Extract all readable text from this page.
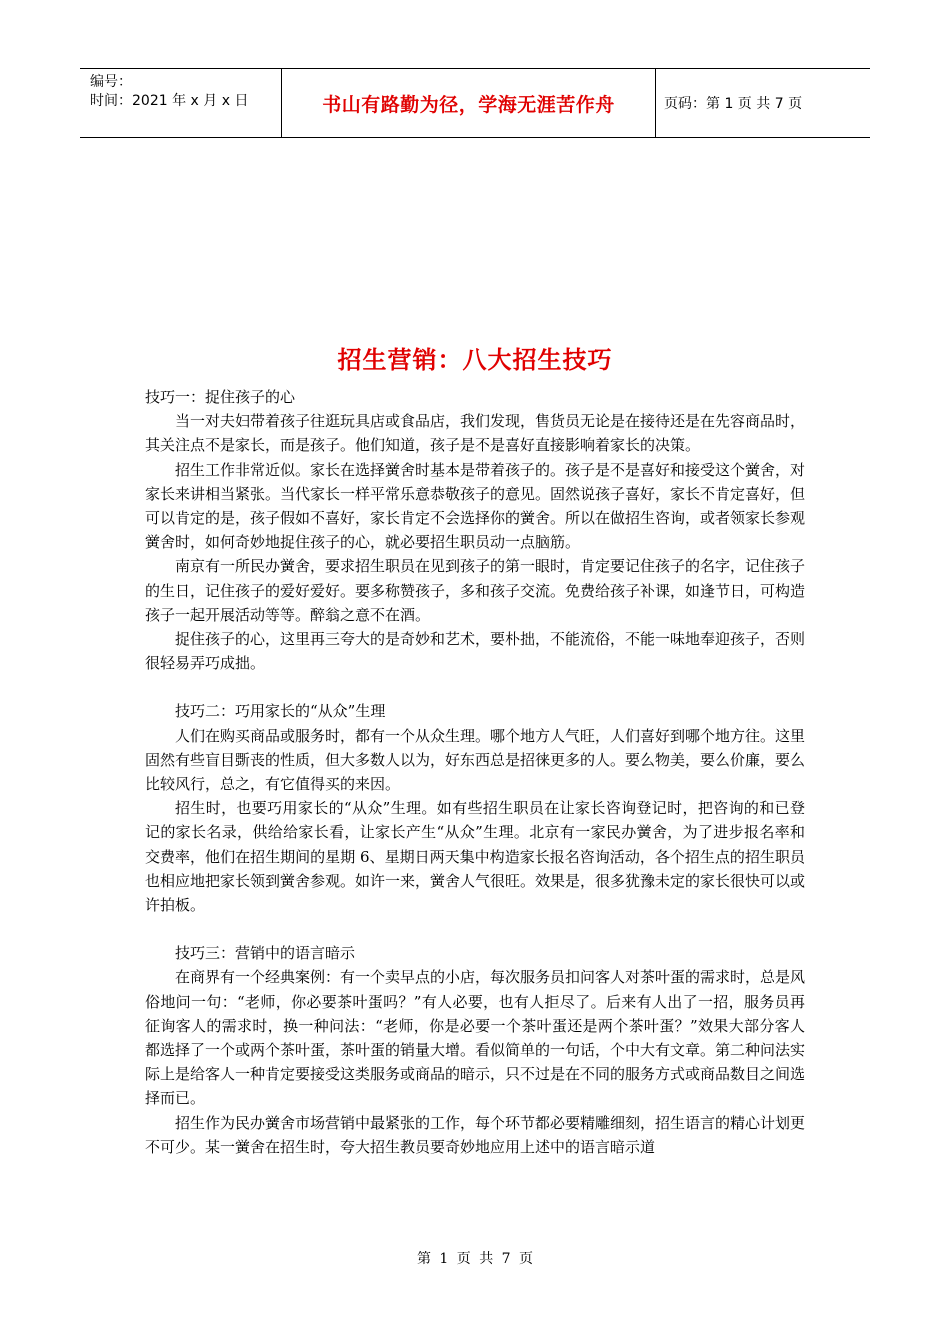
编号：
时间：2021 年 x 月 x 日	书山有路勤为径，学海无涯苦作舟	页码：第 1 页 共 7 页
招生营销：八大招生技巧

技巧一：捉住孩子的心

当一对夫妇带着孩子往逛玩具店或食品店，我们发现，售货员无论是在接待还是在先容商品时，其关注点不是家长，而是孩子。他们知道，孩子是不是喜好直接影响着家长的决策。

招生工作非常近似。家长在选择黉舍时基本是带着孩子的。孩子是不是喜好和接受这个黉舍，对家长来讲相当紧张。当代家长一样平常乐意恭敬孩子的意见。固然说孩子喜好，家长不肯定喜好，但可以肯定的是，孩子假如不喜好，家长肯定不会选择你的黉舍。所以在做招生咨询，或者领家长参观黉舍时，如何奇妙地捉住孩子的心，就必要招生职员动一点脑筋。

南京有一所民办黉舍，要求招生职员在见到孩子的第一眼时，肯定要记住孩子的名字，记住孩子的生日，记住孩子的爱好爱好。要多称赞孩子，多和孩子交流。免费给孩子补课，如逢节日，可构造孩子一起开展活动等等。醉翁之意不在酒。

捉住孩子的心，这里再三夸大的是奇妙和艺术，要朴拙，不能流俗，不能一味地奉迎孩子，否则很轻易弄巧成拙。

技巧二：巧用家长的“从众”生理

人们在购买商品或服务时，都有一个从众生理。哪个地方人气旺，人们喜好到哪个地方往。这里固然有些盲目斲丧的性质，但大多数人以为，好东西总是招徕更多的人。要么物美，要么价廉，要么比较风行，总之，有它值得买的来因。

招生时，也要巧用家长的“从众”生理。如有些招生职员在让家长咨询登记时，把咨询的和已登记的家长名录，供给给家长看，让家长产生“从众”生理。北京有一家民办黉舍，为了进步报名率和交费率，他们在招生期间的星期 6、星期日两天集中构造家长报名咨询活动，各个招生点的招生职员也相应地把家长领到黉舍参观。如许一来，黉舍人气很旺。效果是，很多犹豫未定的家长很快可以或许拍板。

技巧三：营销中的语言暗示

在商界有一个经典案例：有一个卖早点的小店，每次服务员扣问客人对茶叶蛋的需求时，总是风俗地问一句：“老师，你必要茶叶蛋吗？”有人必要，也有人拒尽了。后来有人出了一招，服务员再征询客人的需求时，换一种问法：“老师，你是必要一个茶叶蛋还是两个茶叶蛋？”效果大部分客人都选择了一个或两个茶叶蛋，茶叶蛋的销量大增。看似简单的一句话，个中大有文章。第二种问法实际上是给客人一种肯定要接受这类服务或商品的暗示，只不过是在不同的服务方式或商品数目之间选择而已。

招生作为民办黉舍市场营销中最紧张的工作，每个环节都必要精雕细刻，招生语言的精心计划更不可少。某一黉舍在招生时，夸大招生教员要奇妙地应用上述中的语言暗示道

第 1 页 共 7 页
